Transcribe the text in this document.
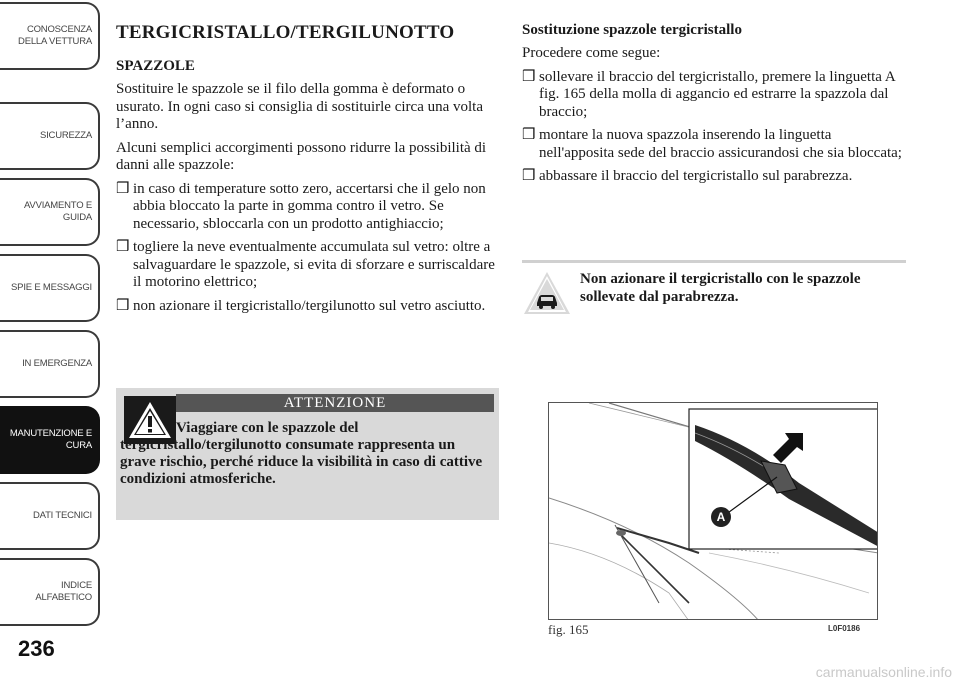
CONOSCENZA
DELLA VETTURA
SICUREZZA
AVVIAMENTO E
GUIDA
SPIE E MESSAGGI
IN EMERGENZA
MANUTENZIONE E
CURA
DATI TECNICI
INDICE
ALFABETICO
236
TERGICRISTALLO/TERGILUNOTTO
SPAZZOLE

Sostituire le spazzole se il filo della gomma è deformato o usurato. In ogni caso si consiglia di sostituirle circa una volta l’anno.

Alcuni semplici accorgimenti possono ridurre la possibilità di danni alle spazzole:

❒ in caso di temperature sotto zero, accertarsi che il gelo non abbia bloccato la parte in gomma contro il vetro. Se necessario, sbloccarla con un prodotto antighiaccio;
❒ togliere la neve eventualmente accumulata sul vetro: oltre a salvaguardare le spazzole, si evita di sforzare e surriscaldare il motorino elettrico;
❒ non azionare il tergicristallo/tergilunotto sul vetro asciutto.
ATTENZIONE
Viaggiare con le spazzole del tergicristallo/tergilunotto consumate rappresenta un grave rischio, perché riduce la visibilità in caso di cattive condizioni atmosferiche.
Sostituzione spazzole tergicristallo

Procedere come segue:

❒ sollevare il braccio del tergicristallo, premere la linguetta A fig. 165 della molla di aggancio ed estrarre la spazzola dal braccio;
❒ montare la nuova spazzola inserendo la linguetta nell'apposita sede del braccio assicurandosi che sia bloccata;
❒ abbassare il braccio del tergicristallo sul parabrezza.
Non azionare il tergicristallo con le spazzole sollevate dal parabrezza.
A
fig. 165	L0F0186
carmanualsonline.info
